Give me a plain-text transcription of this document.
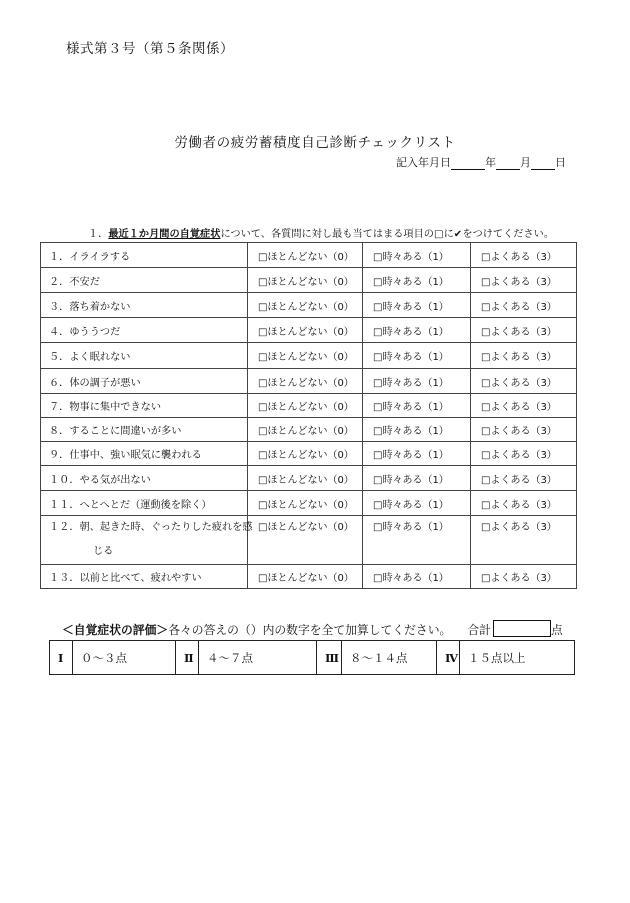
様式第３号（第５条関係）
労働者の疲労蓄積度自己診断チェックリスト
記入年月日	年 月 日
１．最近１か月間の自覚症状について、各質問に対し最も当てはまる項目の□に✔をつけてください。
１．イライラする	□ほとんどない（0）	□時々ある（1）	□よくある（3）
２．不安だ	□ほとんどない（0）	□時々ある（1）	□よくある（3）
３．落ち着かない	□ほとんどない（0）	□時々ある（1）	□よくある（3）
４．ゆううつだ	□ほとんどない（0）	□時々ある（1）	□よくある（3）
５．よく眠れない	□ほとんどない（0）	□時々ある（1）	□よくある（3）
６．体の調子が悪い	□ほとんどない（0）	□時々ある（1）	□よくある（3）
７．物事に集中できない	□ほとんどない（0）	□時々ある（1）	□よくある（3）
８．することに間違いが多い	□ほとんどない（0）	□時々ある（1）	□よくある（3）
９．仕事中、強い眠気に襲われる	□ほとんどない（0）	□時々ある（1）	□よくある（3）
１０．やる気が出ない	□ほとんどない（0）	□時々ある（1）	□よくある（3）
１１．へとへとだ（運動後を除く）	□ほとんどない（0）	□時々ある（1）	□よくある（3）

１２．朝、起きた時、ぐったりした疲れを感
じる	□ほとんどない（0）	□時々ある（1）	□よくある（3）

１３．以前と比べて、疲れやすい	□ほとんどない（0）	□時々ある（1）	□よくある（3）
＜自覚症状の評価＞各々の答えの（）内の数字を全て加算してください。 合計	点
Ⅰ	０～３点	Ⅱ	４～７点	Ⅲ	８～１４点	Ⅳ	１５点以上
